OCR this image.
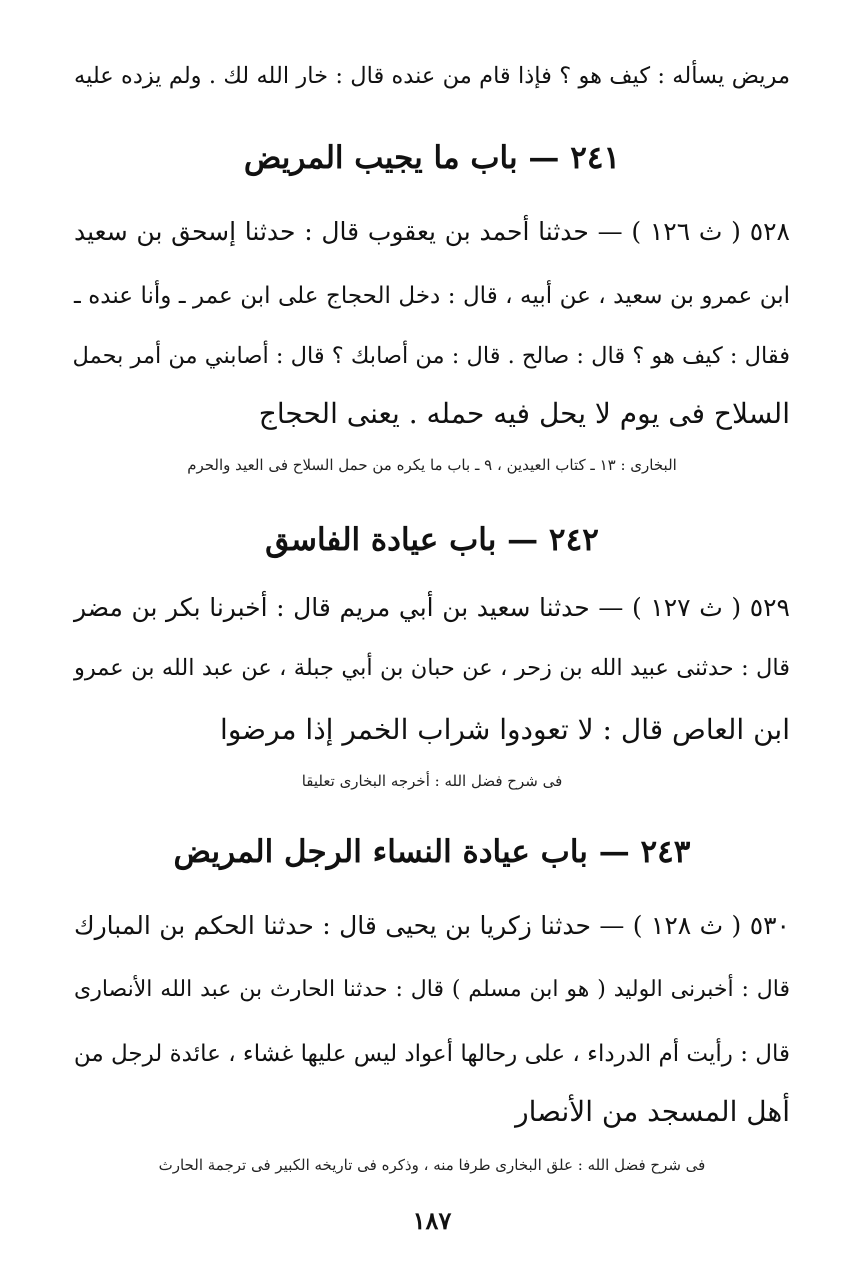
مريض يسأله : كيف هو ؟ فإذا قام من عنده قال : خار الله لك . ولم يزده عليه
٢٤١ — باب ما يجيب المريض
٥٢٨ ( ث ١٢٦ ) — حدثنا أحمد بن يعقوب قال : حدثنا إسحق بن سعيد
ابن عمرو بن سعيد ، عن أبيه ، قال : دخل الحجاج على ابن عمر ـ وأنا عنده ـ
فقال : كيف هو ؟ قال : صالح . قال : من أصابك ؟ قال : أصابني من أمر بحمل
السلاح فى يوم لا يحل فيه حمله . يعنى الحجاج
البخارى : ١٣ ـ كتاب العيدين ، ٩ ـ باب ما يكره من حمل السلاح فى العيد والحرم
٢٤٢ — باب عيادة الفاسق
٥٢٩ ( ث ١٢٧ ) — حدثنا سعيد بن أبي مريم قال : أخبرنا بكر بن مضر
قال : حدثنى عبيد الله بن زحر ، عن حبان بن أبي جبلة ، عن عبد الله بن عمرو
ابن العاص قال : لا تعودوا شراب الخمر إذا مرضوا
فى شرح فضل الله : أخرجه البخارى تعليقا
٢٤٣ — باب عيادة النساء الرجل المريض
٥٣٠ ( ث ١٢٨ ) — حدثنا زكريا بن يحيى قال : حدثنا الحكم بن المبارك
قال : أخبرنى الوليد ( هو ابن مسلم ) قال : حدثنا الحارث بن عبد الله الأنصارى
قال : رأيت أم الدرداء ، على رحالها أعواد ليس عليها غشاء ، عائدة لرجل من
أهل المسجد من الأنصار
فى شرح فضل الله : علق البخارى طرفا منه ، وذكره فى تاريخه الكبير فى ترجمة الحارث
١٨٧
